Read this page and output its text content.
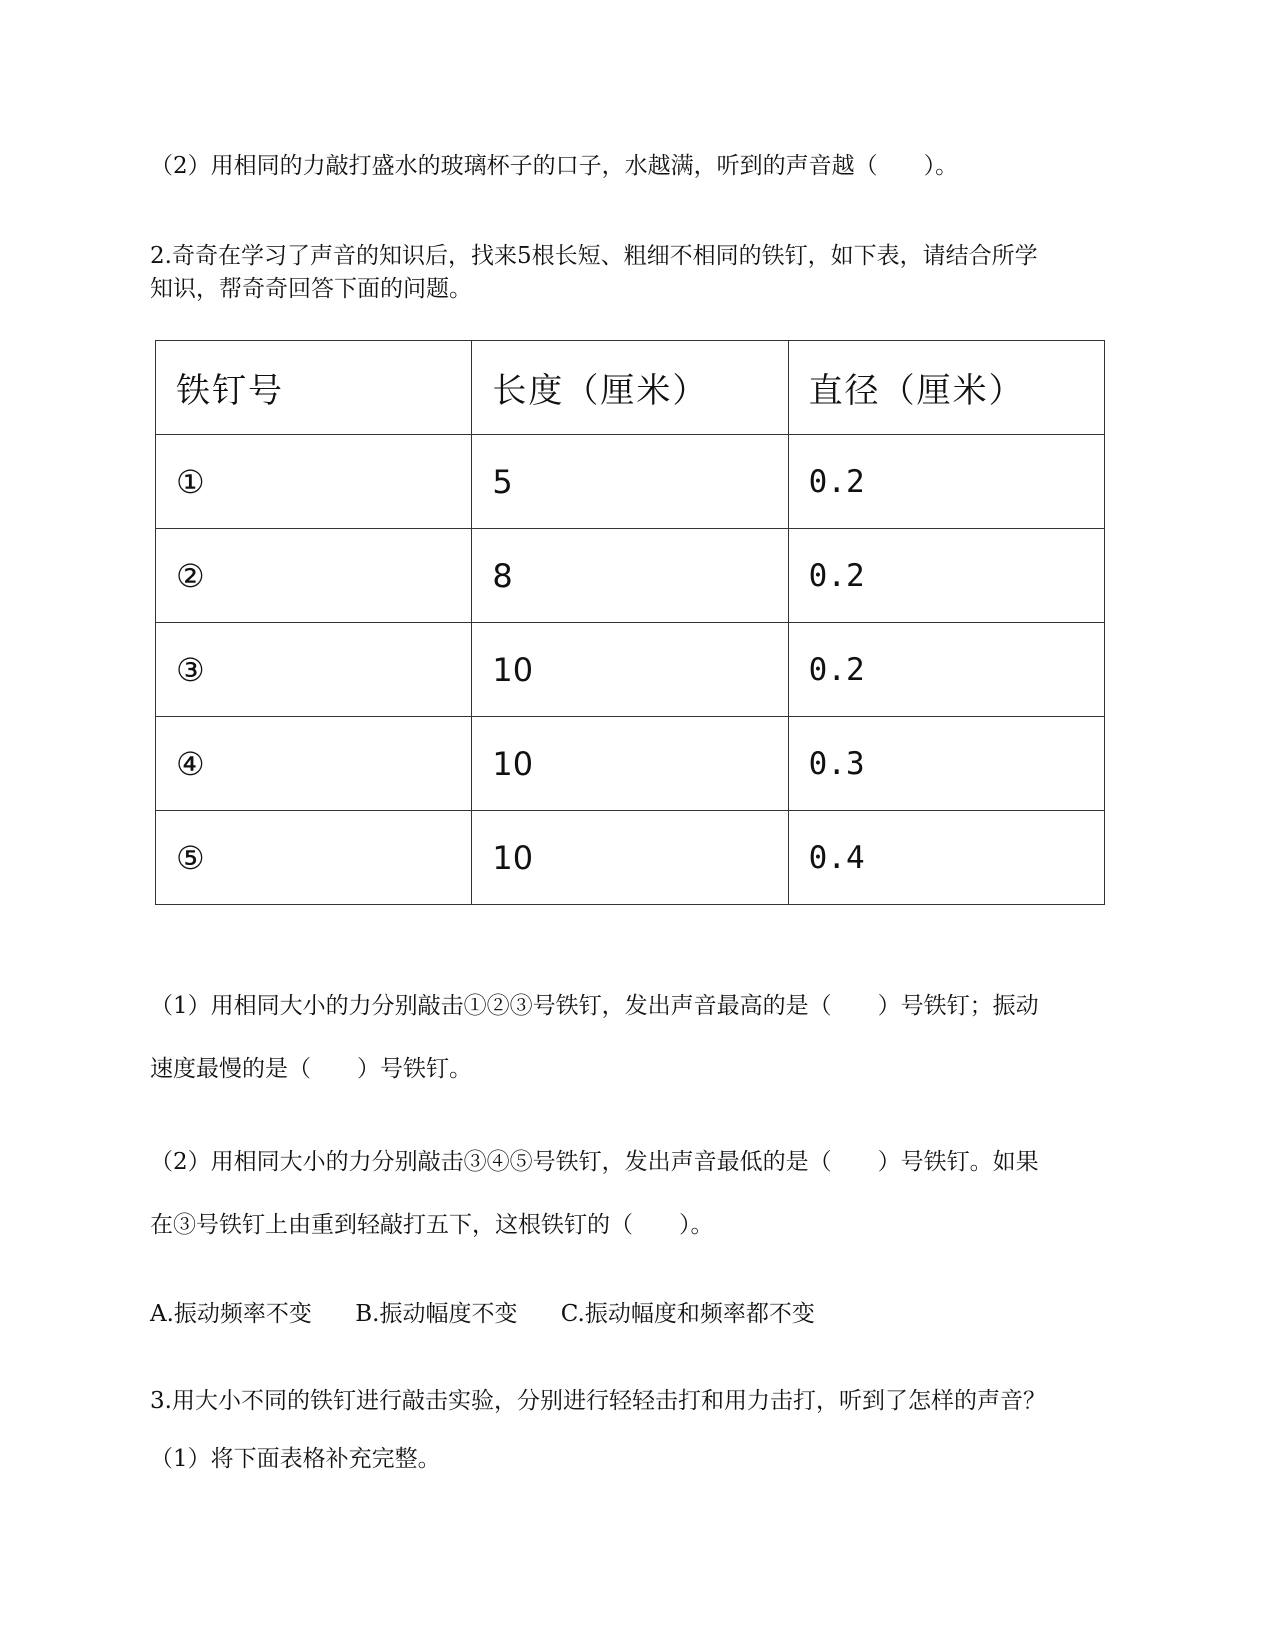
（2）用相同的力敲打盛水的玻璃杯子的口子，水越满，听到的声音越（　　）。
2.奇奇在学习了声音的知识后，找来5根长短、粗细不相同的铁钉，如下表，请结合所学
知识，帮奇奇回答下面的问题。
铁钉号	长度（厘米）	直径（厘米）
①	5	0.2
②	8	0.2
③	10	0.2
④	10	0.3
⑤	10	0.4
（1）用相同大小的力分别敲击①②③号铁钉，发出声音最高的是（　　）号铁钉；振动
速度最慢的是（　　）号铁钉。
（2）用相同大小的力分别敲击③④⑤号铁钉，发出声音最低的是（　　）号铁钉。如果
在③号铁钉上由重到轻敲打五下，这根铁钉的（　　）。
A.振动频率不变 B.振动幅度不变 C.振动幅度和频率都不变
3.用大小不同的铁钉进行敲击实验，分别进行轻轻击打和用力击打，听到了怎样的声音？
（1）将下面表格补充完整。
